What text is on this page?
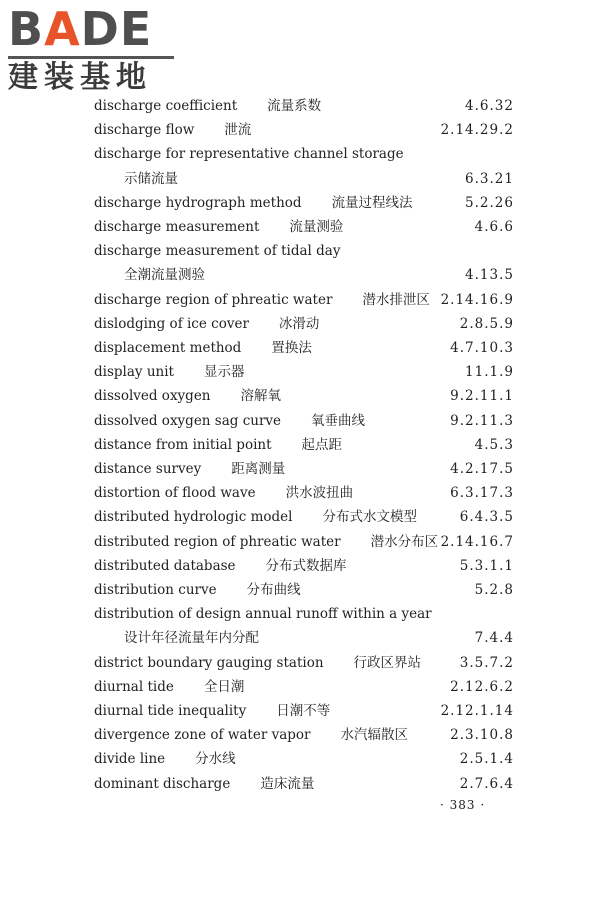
BADE
建装基地
discharge coefficient 流量系数	4.6.32
discharge flow 泄流	2.14.29.2
discharge for representative channel storage
示储流量	6.3.21
discharge hydrograph method 流量过程线法	5.2.26
discharge measurement 流量测验	4.6.6
discharge measurement of tidal day
全潮流量测验	4.13.5
discharge region of phreatic water 潜水排泄区 2.14.16.9
dislodging of ice cover 冰滑动	2.8.5.9
displacement method 置换法	4.7.10.3
display unit 显示器	11.1.9
dissolved oxygen 溶解氧	9.2.11.1
dissolved oxygen sag curve 氧垂曲线	9.2.11.3
distance from initial point 起点距	4.5.3
distance survey 距离测量	4.2.17.5
distortion of flood wave 洪水波扭曲	6.3.17.3
distributed hydrologic model 分布式水文模型	6.4.3.5
distributed region of phreatic water 潜水分布区 2.14.16.7
distributed database 分布式数据库	5.3.1.1
distribution curve 分布曲线	5.2.8
distribution of design annual runoff within a year
设计年径流量年内分配	7.4.4
district boundary gauging station 行政区界站	3.5.7.2
diurnal tide 全日潮	2.12.6.2
diurnal tide inequality 日潮不等	2.12.1.14
divergence zone of water vapor 水汽辐散区	2.3.10.8
divide line 分水线	2.5.1.4
dominant discharge 造床流量	2.7.6.4
· 383 ·
